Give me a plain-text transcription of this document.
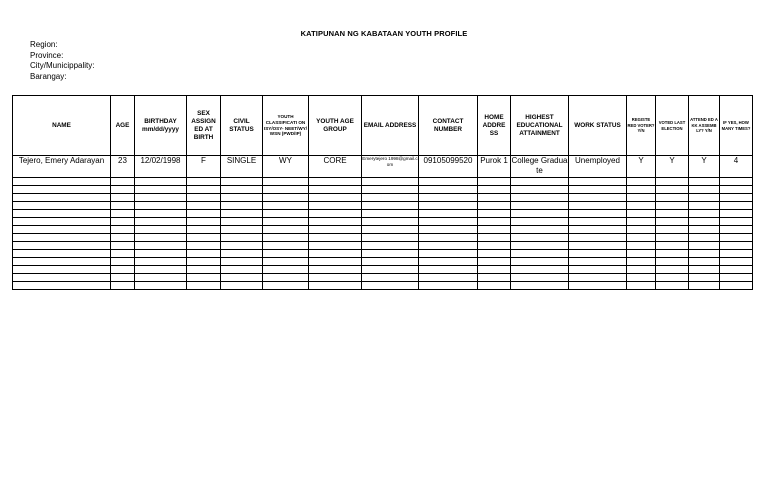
KATIPUNAN NG KABATAAN YOUTH PROFILE
Region:
Province:
City/Municippality:
Barangay:
NAME	AGE	BIRTHDAY mm/dd/yyyy	SEX ASSIGN ED AT BIRTH	CIVIL STATUS	YOUTH CLASSIFICATI ON ISY/OSY- NEET/WY/ WSN (PWD/IP)	YOUTH AGE GROUP	EMAIL ADDRESS	CONTACT NUMBER	HOME ADDRE SS	HIGHEST EDUCATIONAL ATTAINMENT	WORK STATUS	REGISTE RED VOTER? Y/N	VOTED LAST ELECTION	ATTEND ED A KK ASSEMB LY? Y/N	IF YES, HOW MANY TIMES?
Tejero, Emery Adarayan	23	12/02/1998	F	SINGLE	WY	CORE	Emerytejero 1998@gmail.com	09105099520	Purok 1	College Graduate	Unemployed	Y	Y	Y	4
